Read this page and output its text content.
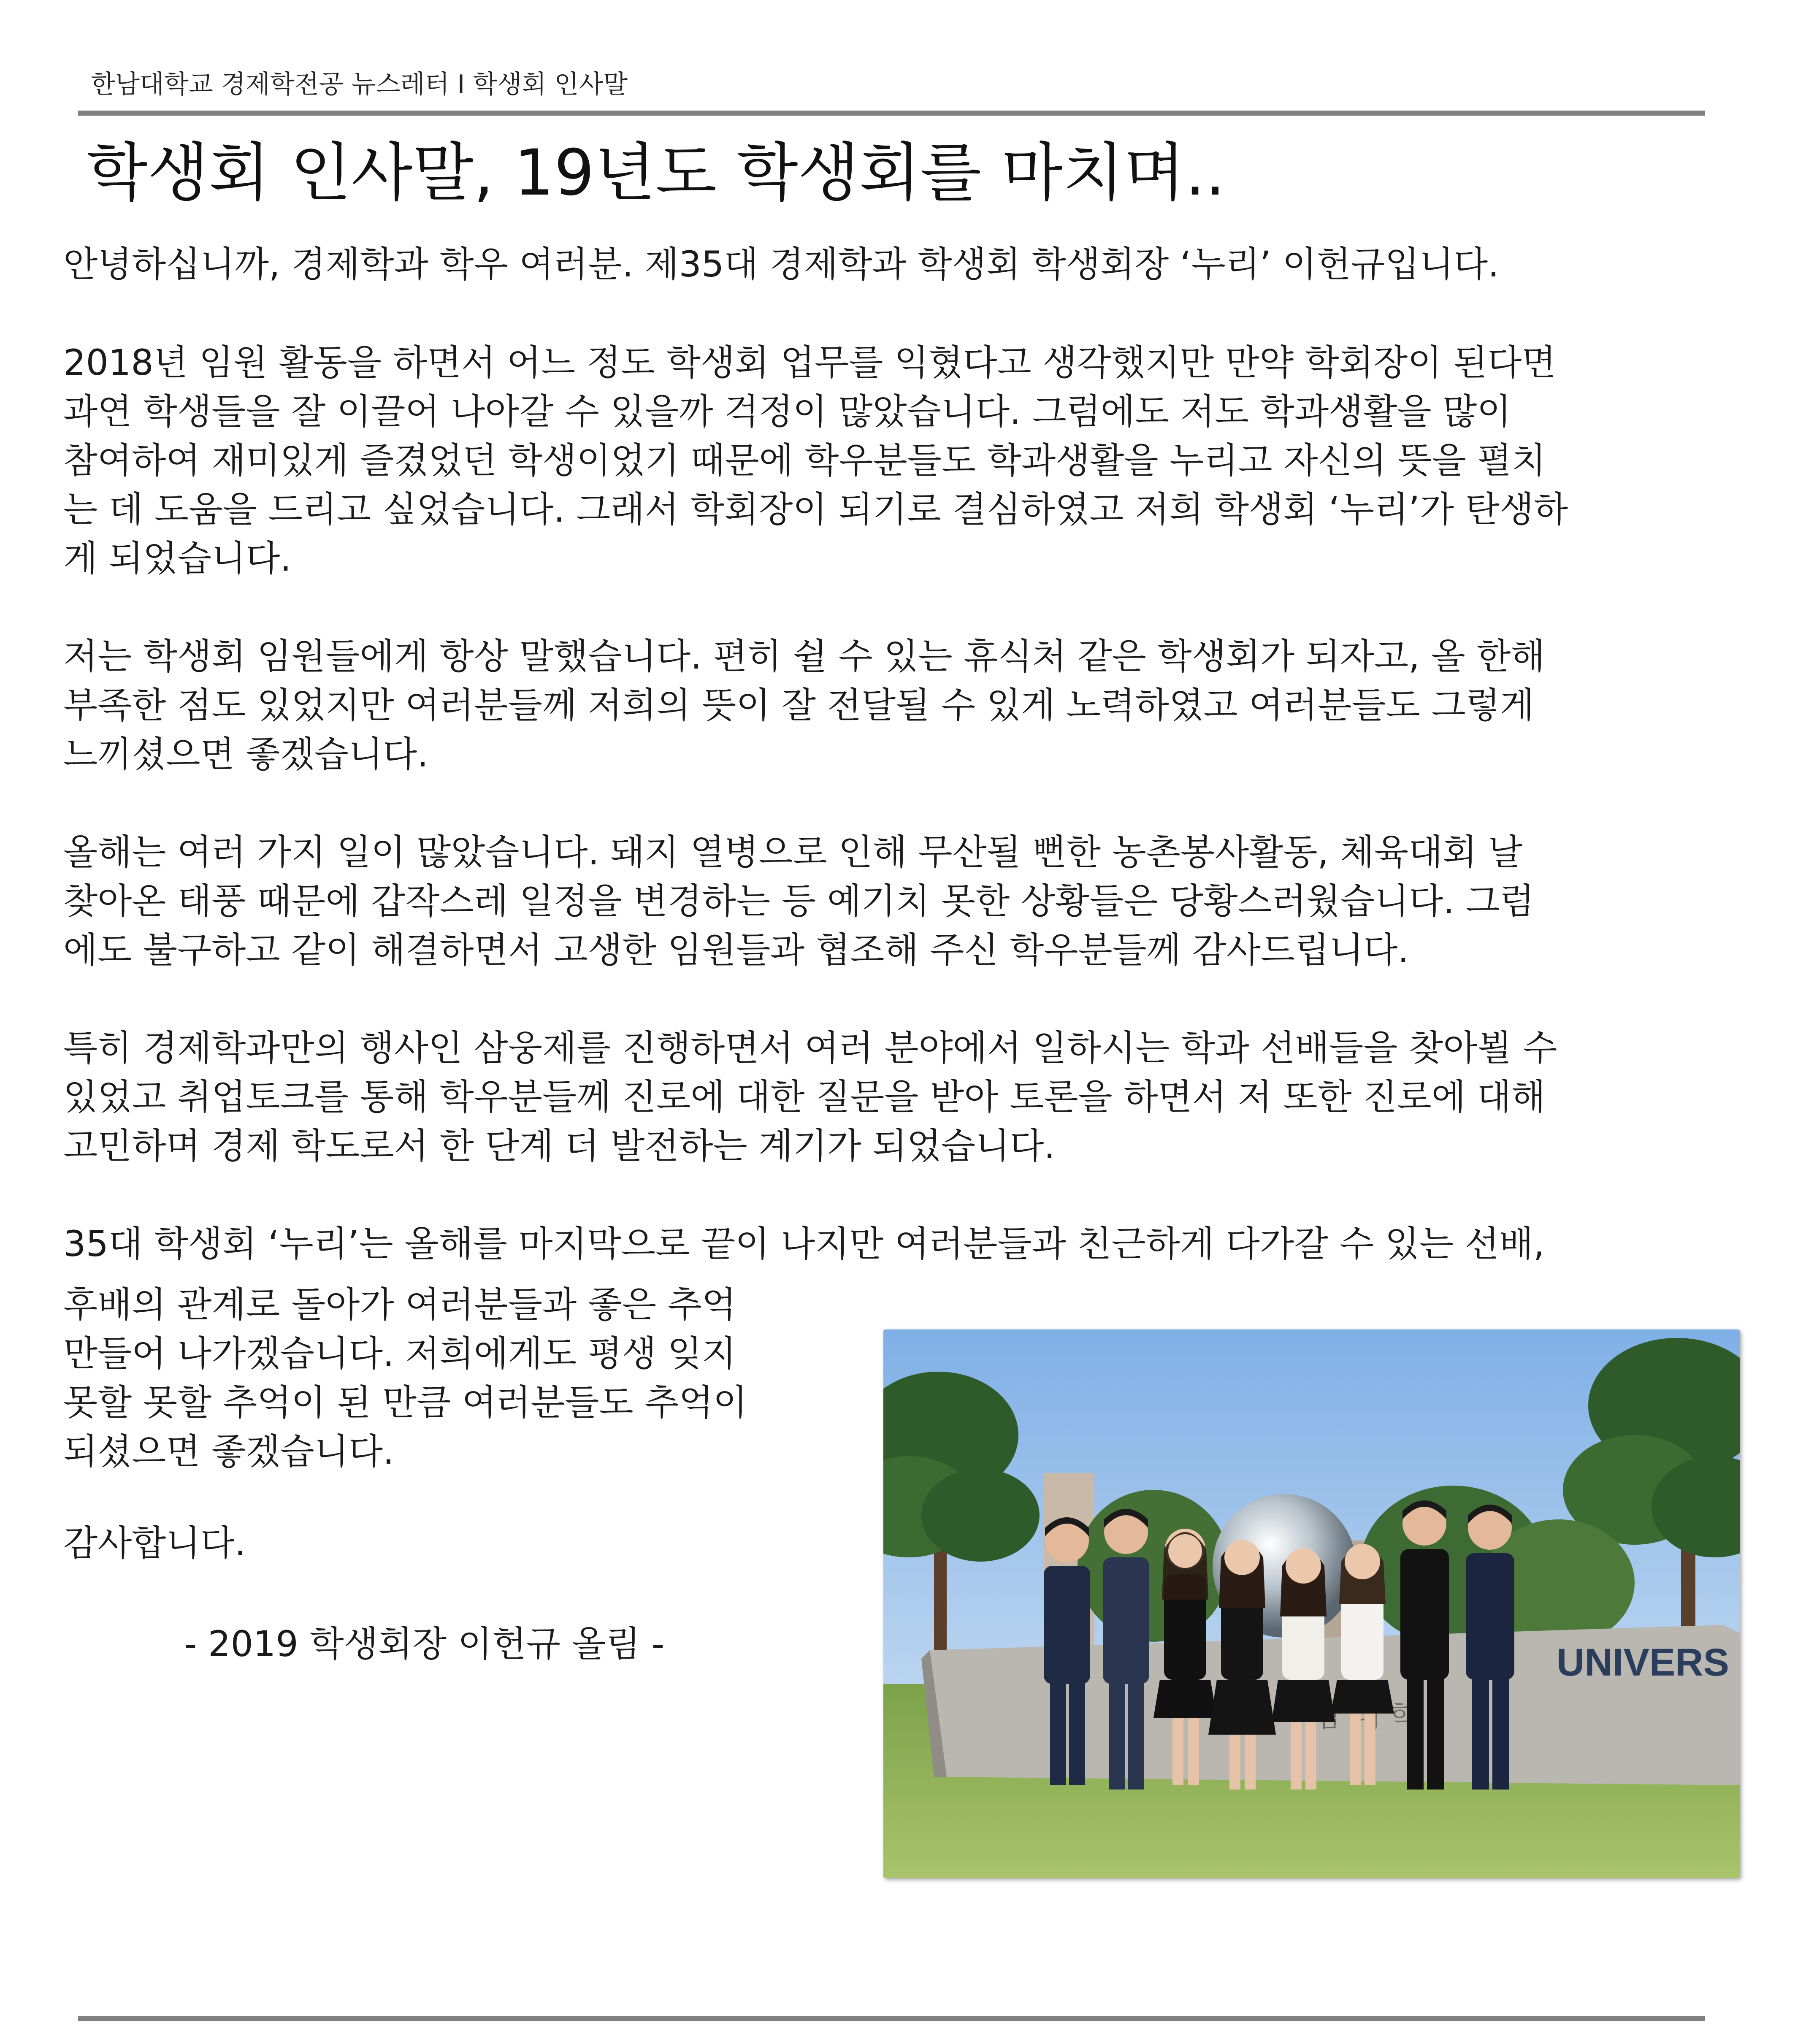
한남대학교 경제학전공 뉴스레터 I 학생회 인사말
학생회 인사말, 19년도 학생회를 마치며..
안녕하십니까, 경제학과 학우 여러분. 제35대 경제학과 학생회 학생회장 ‘누리’ 이헌규입니다.
2018년 임원 활동을 하면서 어느 정도 학생회 업무를 익혔다고 생각했지만 만약 학회장이 된다면
과연 학생들을 잘 이끌어 나아갈 수 있을까 걱정이 많았습니다. 그럼에도 저도 학과생활을 많이
참여하여 재미있게 즐겼었던 학생이었기 때문에 학우분들도 학과생활을 누리고 자신의 뜻을 펼치
는 데 도움을 드리고 싶었습니다. 그래서 학회장이 되기로 결심하였고 저희 학생회 ‘누리’가 탄생하
게 되었습니다.
저는 학생회 임원들에게 항상 말했습니다. 편히 쉴 수 있는 휴식처 같은 학생회가 되자고, 올 한해
부족한 점도 있었지만 여러분들께 저희의 뜻이 잘 전달될 수 있게 노력하였고 여러분들도 그렇게
느끼셨으면 좋겠습니다.
올해는 여러 가지 일이 많았습니다. 돼지 열병으로 인해 무산될 뻔한 농촌봉사활동, 체육대회 날
찾아온 태풍 때문에 갑작스레 일정을 변경하는 등 예기치 못한 상황들은 당황스러웠습니다. 그럼
에도 불구하고 같이 해결하면서 고생한 임원들과 협조해 주신 학우분들께 감사드립니다.
특히 경제학과만의 행사인 삼웅제를 진행하면서 여러 분야에서 일하시는 학과 선배들을 찾아뵐 수
있었고 취업토크를 통해 학우분들께 진로에 대한 질문을 받아 토론을 하면서 저 또한 진로에 대해
고민하며 경제 학도로서 한 단계 더 발전하는 계기가 되었습니다.
35대 학생회 ‘누리’는 올해를 마지막으로 끝이 나지만 여러분들과 친근하게 다가갈 수 있는 선배,
후배의 관계로 돌아가 여러분들과 좋은 추억
만들어 나가겠습니다. 저희에게도 평생 잊지
못할 못할 추억이 된 만큼 여러분들도 추억이
되셨으면 좋겠습니다.
감사합니다.
- 2019 학생회장 이헌규 올림 -	UNIVERS
학
